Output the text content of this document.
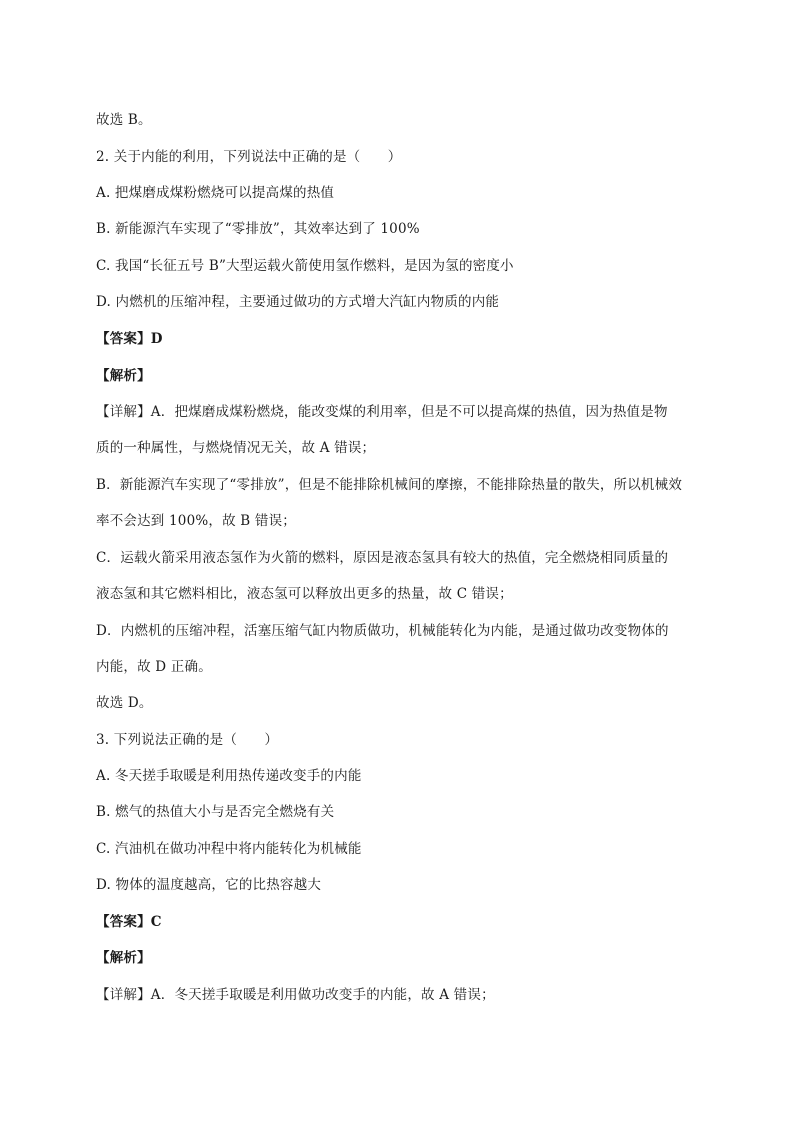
故选 B。
2. 关于内能的利用，下列说法中正确的是（　　）
A. 把煤磨成煤粉燃烧可以提高煤的热值
B. 新能源汽车实现了“零排放”，其效率达到了 100%
C. 我国“长征五号 B”大型运载火箭使用氢作燃料，是因为氢的密度小
D. 内燃机的压缩冲程，主要通过做功的方式增大汽缸内物质的内能
【答案】D
【解析】
【详解】A．把煤磨成煤粉燃烧，能改变煤的利用率，但是不可以提高煤的热值，因为热值是物
质的一种属性，与燃烧情况无关，故 A 错误；
B．新能源汽车实现了“零排放”，但是不能排除机械间的摩擦，不能排除热量的散失，所以机械效
率不会达到 100%，故 B 错误；
C．运载火箭采用液态氢作为火箭的燃料，原因是液态氢具有较大的热值，完全燃烧相同质量的
液态氢和其它燃料相比，液态氢可以释放出更多的热量，故 C 错误；
D．内燃机的压缩冲程，活塞压缩气缸内物质做功，机械能转化为内能，是通过做功改变物体的
内能，故 D 正确。
故选 D。
3. 下列说法正确的是（　　）
A. 冬天搓手取暖是利用热传递改变手的内能
B. 燃气的热值大小与是否完全燃烧有关
C. 汽油机在做功冲程中将内能转化为机械能
D. 物体的温度越高，它的比热容越大
【答案】C
【解析】
【详解】A．冬天搓手取暖是利用做功改变手的内能，故 A 错误；
